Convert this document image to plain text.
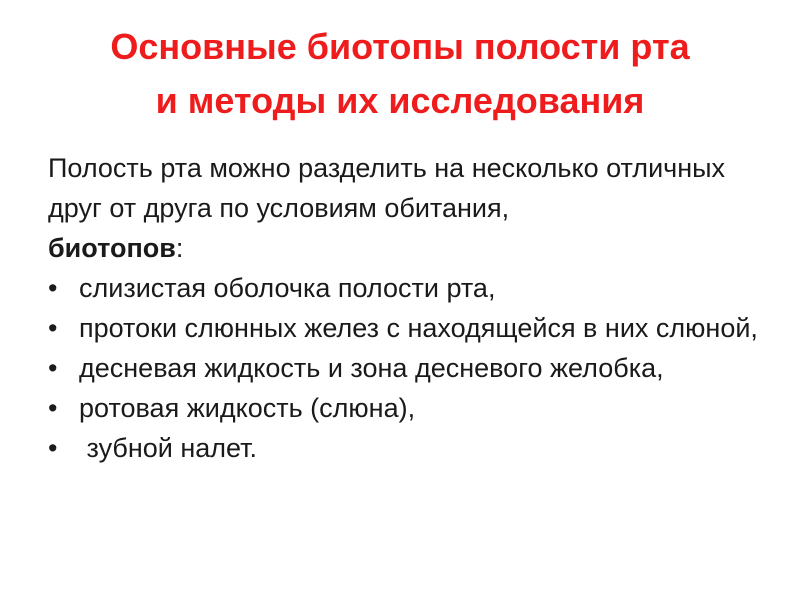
Основные биотопы полости рта
и методы их исследования

Полость рта можно разделить на несколько отличных друг от друга по условиям обитания,
биотопов:

• слизистая оболочка полости рта,
• протоки слюнных желез с находящейся в них слюной,
• десневая жидкость и зона десневого желобка,
• ротовая жидкость (слюна),
• зубной налет.
